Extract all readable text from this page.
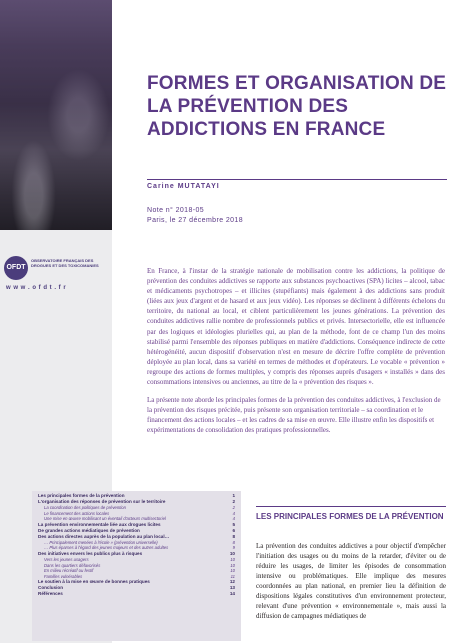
OFDT
OBSERVATOIRE FRANÇAIS DES DROGUES ET DES TOXICOMANIES
w w w . o f d t . f r
FORMES ET ORGANISATION DE LA PRÉVENTION DES ADDICTIONS EN FRANCE
Carine MUTATAYI
Note n° 2018-05
Paris, le 27 décembre 2018

En France, à l'instar de la stratégie nationale de mobilisation contre les addictions, la politique de prévention des conduites addictives se rapporte aux substances psychoactives (SPA) licites – alcool, tabac et médicaments psychotropes – et illicites (stupéfiants) mais également à des addictions sans produit (liées aux jeux d'argent et de hasard et aux jeux vidéo). Les réponses se déclinent à différents échelons du territoire, du national au local, et ciblent particulièrement les jeunes générations. La prévention des conduites addictives rallie nombre de professionnels publics et privés. Intersectorielle, elle est influencée par des logiques et idéologies plurielles qui, au plan de la méthode, font de ce champ l'un des moins stabilisé parmi l'ensemble des réponses publiques en matière d'addictions. Conséquence indirecte de cette hétérogénéité, aucun dispositif d'observation n'est en mesure de décrire l'offre complète de prévention déployée au plan local, dans sa variété en termes de méthodes et d'opérateurs. Le vocable « prévention » regroupe des actions de formes multiples, y compris des réponses auprès d'usagers « installés » dans des consommations intensives ou anciennes, au titre de la « prévention des risques ».

La présente note aborde les principales formes de la prévention des conduites addictives, à l'exclusion de la prévention des risques précitée, puis présente son organisation territoriale – sa coordination et le financement des actions locales – et les cadres de sa mise en œuvre. Elle illustre enfin les dispositifs et expérimentations de consolidation des pratiques professionnelles.

Les principales formes de la prévention	1
L'organisation des réponses de prévention sur le territoire	2
La coordination des politiques de prévention	2
Le financement des actions locales	4
Une mise en œuvre mobilisant un éventail d'acteurs multisectoriel	4
La prévention environnementale liée aux drogues licites	5
De grandes actions médiatiques de prévention	6
Des actions directes auprès de la population au plan local…	8
… Principalement menées à l'école » (prévention universelle)	8
… Plus éparses à l'égard des jeunes majeurs et des autres adultes	9
Des initiatives envers les publics plus à risques	10
Vers les jeunes usagers	10
Dans les quartiers défavorisés	10
En milieu récréatif ou festif	10
Familles vulnérables	11
Le soutien à la mise en œuvre de bonnes pratiques	12
Conclusion	13
Références	14
LES PRINCIPALES FORMES DE LA PRÉVENTION
La prévention des conduites addictives a pour objectif d'empêcher l'initiation des usages ou du moins de la retarder, d'éviter ou de réduire les usages, de limiter les épisodes de consommation intensive ou problématiques. Elle implique des mesures coordonnées au plan national, en premier lieu la définition de dispositions légales constitutives d'un environnement protecteur, relevant d'une prévention « environnementale », mais aussi la diffusion de campagnes médiatiques de
